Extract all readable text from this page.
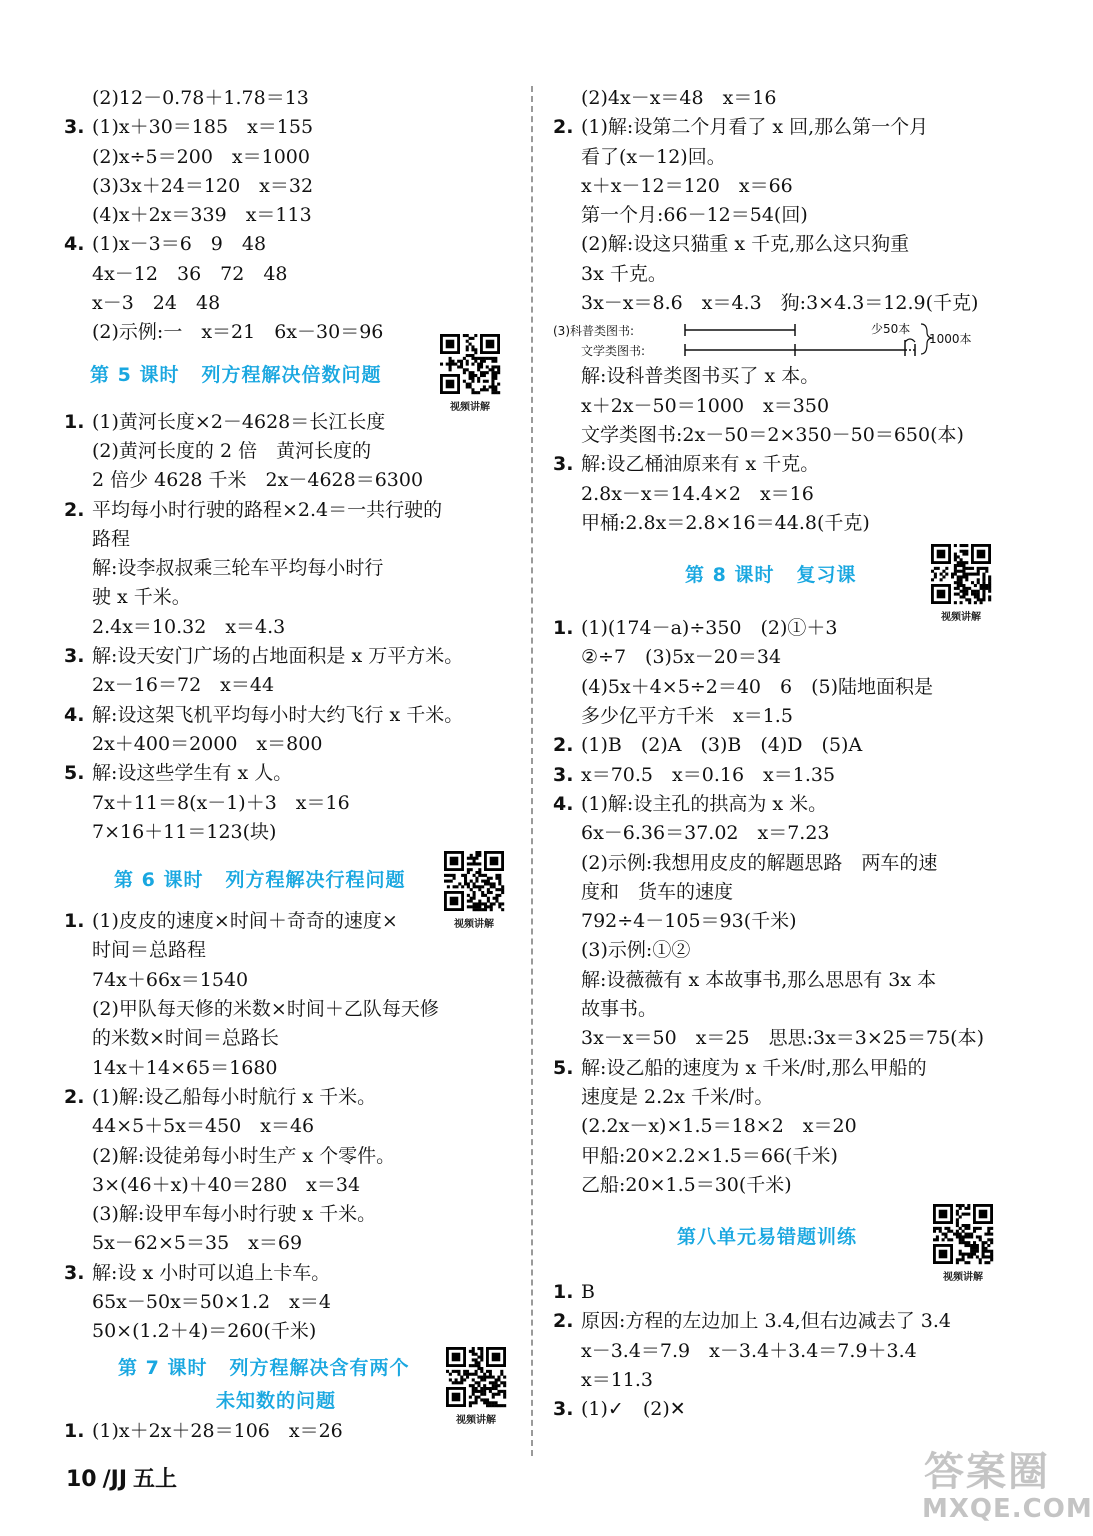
(2)12－0.78＋1.78＝13
3. (1)x＋30＝185　x＝155
(2)x÷5＝200　x＝1000
(3)3x＋24＝120　x＝32
(4)x＋2x＝339　x＝113
4. (1)x－3＝6　9　48
4x－12　36　72　48
x－3　24　48
(2)示例:一　x＝21　6x－30＝96
第 5 课时 列方程解决倍数问题
视频讲解
1. (1)黄河长度×2－4628＝长江长度
(2)黄河长度的 2 倍　黄河长度的
2 倍少 4628 千米　2x－4628＝6300
2. 平均每小时行驶的路程×2.4＝一共行驶的
路程
解:设李叔叔乘三轮车平均每小时行
驶 x 千米。
2.4x＝10.32　x＝4.3
3. 解:设天安门广场的占地面积是 x 万平方米。
2x－16＝72　x＝44
4. 解:设这架飞机平均每小时大约飞行 x 千米。
2x＋400＝2000　x＝800
5. 解:设这些学生有 x 人。
7x＋11＝8(x－1)＋3　x＝16
7×16＋11＝123(块)
第 6 课时 列方程解决行程问题
视频讲解
1. (1)皮皮的速度×时间＋奇奇的速度×
时间＝总路程
74x＋66x＝1540
(2)甲队每天修的米数×时间＋乙队每天修
的米数×时间＝总路长
14x＋14×65＝1680
2. (1)解:设乙船每小时航行 x 千米。
44×5＋5x＝450　x＝46
(2)解:设徒弟每小时生产 x 个零件。
3×(46＋x)＋40＝280　x＝34
(3)解:设甲车每小时行驶 x 千米。
5x－62×5＝35　x＝69
3. 解:设 x 小时可以追上卡车。
65x－50x＝50×1.2　x＝4
50×(1.2＋4)＝260(千米)
第 7 课时 列方程解决含有两个
未知数的问题
视频讲解
1. (1)x＋2x＋28＝106　x＝26
(2)4x－x＝48　x＝16
2. (1)解:设第二个月看了 x 回,那么第一个月
看了(x－12)回。
x＋x－12＝120　x＝66
第一个月:66－12＝54(回)
(2)解:设这只猫重 x 千克,那么这只狗重
3x 千克。
3x－x＝8.6　x＝4.3　狗:3×4.3＝12.9(千克)
(3)科普类图书:
文学类图书:
少50本
1000本
解:设科普类图书买了 x 本。
x＋2x－50＝1000　x＝350
文学类图书:2x－50＝2×350－50＝650(本)
3. 解:设乙桶油原来有 x 千克。
2.8x－x＝14.4×2　x＝16
甲桶:2.8x＝2.8×16＝44.8(千克)
第 8 课时 复习课
视频讲解
1. (1)(174－a)÷350　(2)①＋3
②÷7　(3)5x－20＝34
(4)5x＋4×5÷2＝40　6　(5)陆地面积是
多少亿平方千米　x＝1.5
2. (1)B　(2)A　(3)B　(4)D　(5)A
3. x＝70.5　x＝0.16　x＝1.35
4. (1)解:设主孔的拱高为 x 米。
6x－6.36＝37.02　x＝7.23
(2)示例:我想用皮皮的解题思路　两车的速
度和　货车的速度
792÷4－105＝93(千米)
(3)示例:①②
解:设薇薇有 x 本故事书,那么思思有 3x 本
故事书。
3x－x＝50　x＝25　思思:3x＝3×25＝75(本)
5. 解:设乙船的速度为 x 千米/时,那么甲船的
速度是 2.2x 千米/时。
(2.2x－x)×1.5＝18×2　x＝20
甲船:20×2.2×1.5＝66(千米)
乙船:20×1.5＝30(千米)
第八单元易错题训练
视频讲解
1. B
2. 原因:方程的左边加上 3.4,但右边减去了 3.4
x－3.4＝7.9　x－3.4＋3.4＝7.9＋3.4
x＝11.3
3. (1)✓　(2)✕
10 /JJ 五上	答案圈
MXQE.COM
